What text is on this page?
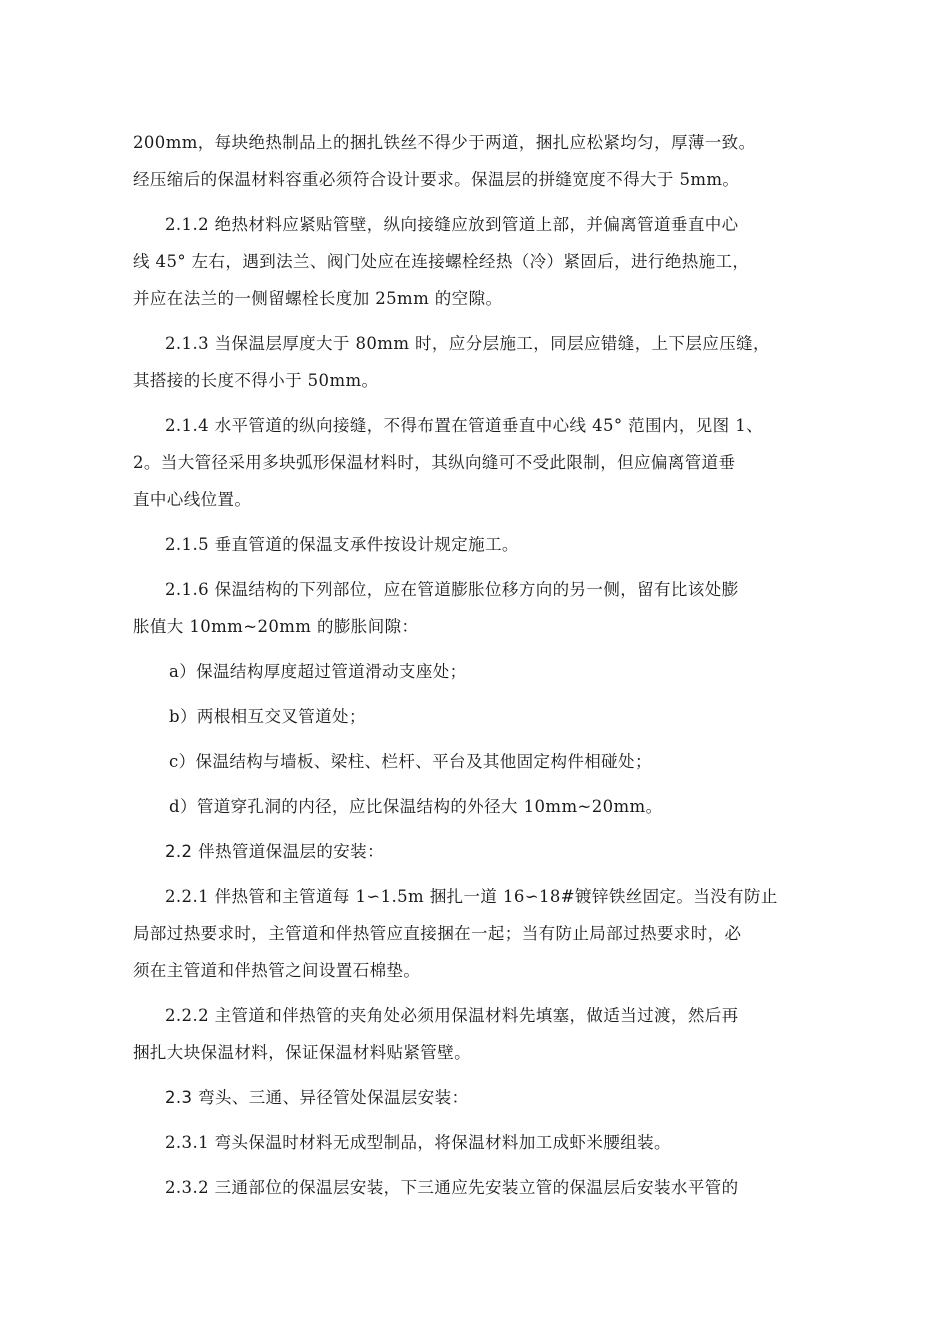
200mm，每块绝热制品上的捆扎铁丝不得少于两道，捆扎应松紧均匀，厚薄一致。
经压缩后的保温材料容重必须符合设计要求。保温层的拼缝宽度不得大于 5mm。
2.1.2 绝热材料应紧贴管壁，纵向接缝应放到管道上部，并偏离管道垂直中心
线 45° 左右，遇到法兰、阀门处应在连接螺栓经热（冷）紧固后，进行绝热施工，
并应在法兰的一侧留螺栓长度加 25mm 的空隙。
2.1.3 当保温层厚度大于 80mm 时，应分层施工，同层应错缝，上下层应压缝，
其搭接的长度不得小于 50mm。
2.1.4 水平管道的纵向接缝，不得布置在管道垂直中心线 45° 范围内，见图 1、
2。当大管径采用多块弧形保温材料时，其纵向缝可不受此限制，但应偏离管道垂
直中心线位置。
2.1.5 垂直管道的保温支承件按设计规定施工。
2.1.6 保温结构的下列部位，应在管道膨胀位移方向的另一侧，留有比该处膨
胀值大 10mm~20mm 的膨胀间隙：
a）保温结构厚度超过管道滑动支座处；
b）两根相互交叉管道处；
c）保温结构与墙板、梁柱、栏杆、平台及其他固定构件相碰处；
d）管道穿孔洞的内径，应比保温结构的外径大 10mm~20mm。
2.2 伴热管道保温层的安装：
2.2.1 伴热管和主管道每 1∽1.5m 捆扎一道 16∽18#镀锌铁丝固定。当没有防止
局部过热要求时，主管道和伴热管应直接捆在一起；当有防止局部过热要求时，必
须在主管道和伴热管之间设置石棉垫。
2.2.2 主管道和伴热管的夹角处必须用保温材料先填塞，做适当过渡，然后再
捆扎大块保温材料，保证保温材料贴紧管壁。
2.3 弯头、三通、异径管处保温层安装：
2.3.1 弯头保温时材料无成型制品，将保温材料加工成虾米腰组装。
2.3.2 三通部位的保温层安装，下三通应先安装立管的保温层后安装水平管的
